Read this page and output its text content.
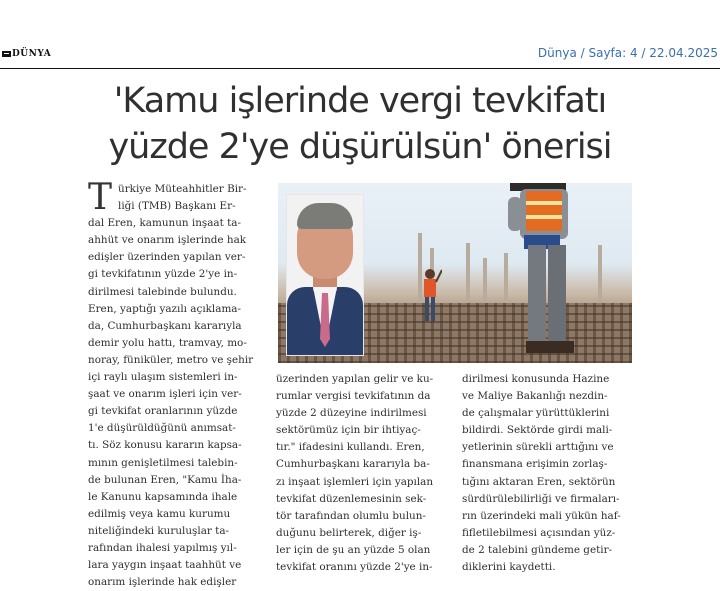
DÜNYA	Dünya / Sayfa: 4 / 22.04.2025
'Kamu işlerinde vergi tevkifatı
yüzde 2'ye düşürülsün' önerisi
T ürkiye Müteahhitler Bir-
liği (TMB) Başkanı Er-
dal Eren, kamunun inşaat ta-
ahhüt ve onarım işlerinde hak
edişler üzerinden yapılan ver-
gi tevkifatının yüzde 2'ye in-
dirilmesi talebinde bulundu.
Eren, yaptığı yazılı açıklama-
da, Cumhurbaşkanı kararıyla
demir yolu hattı, tramvay, mo-
noray, füniküler, metro ve şehir
içi raylı ulaşım sistemleri in-
şaat ve onarım işleri için ver-
gi tevkifat oranlarının yüzde
1'e düşürüldüğünü anımsat-
tı. Söz konusu kararın kapsa-
mının genişletilmesi talebin-
de bulunan Eren, "Kamu İha-
le Kanunu kapsamında ihale
edilmiş veya kamu kurumu
niteliğindeki kuruluşlar ta-
rafından ihalesi yapılmış yıl-
lara yaygın inşaat taahhüt ve
onarım işlerinde hak edişler
üzerinden yapılan gelir ve ku-
rumlar vergisi tevkifatının da
yüzde 2 düzeyine indirilmesi
sektörümüz için bir ihtiyaç-
tır." ifadesini kullandı. Eren,
Cumhurbaşkanı kararıyla ba-
zı inşaat işlemleri için yapılan
tevkifat düzenlemesinin sek-
tör tarafından olumlu bulun-
duğunu belirterek, diğer iş-
ler için de şu an yüzde 5 olan
tevkifat oranını yüzde 2'ye in-
dirilmesi konusunda Hazine
ve Maliye Bakanlığı nezdin-
de çalışmalar yürüttüklerini
bildirdi. Sektörde girdi mali-
yetlerinin sürekli arttığını ve
finansmana erişimin zorlaş-
tığını aktaran Eren, sektörün
sürdürülebilirliği ve firmaları-
rın üzerindeki mali yükün haf-
fifletilebilmesi açısından yüz-
de 2 talebini gündeme getir-
diklerini kaydetti.
